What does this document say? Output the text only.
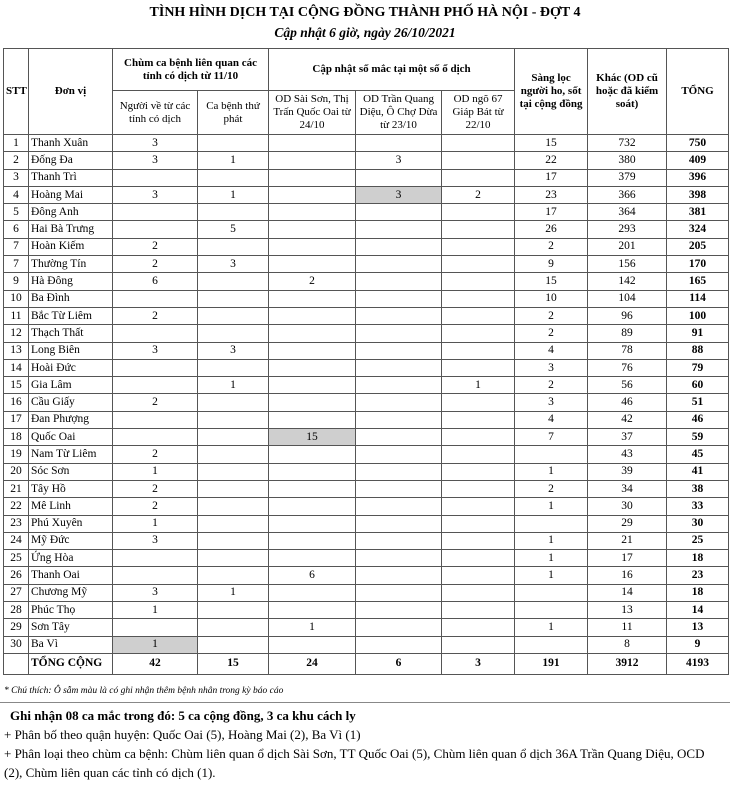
TÌNH HÌNH DỊCH TẠI CỘNG ĐỒNG THÀNH PHỐ HÀ NỘI - ĐỢT 4
Cập nhật 6 giờ, ngày 26/10/2021
STT	Đơn vị	Chùm ca bệnh liên quan các tỉnh có dịch từ 11/10		Cập nhật số mắc tại một số ổ dịch			Sàng lọc người ho, sốt tại cộng đồng	Khác (OD cũ hoặc đã kiểm soát)	TỔNG
		Người về từ các tỉnh có dịch	Ca bệnh thứ phát	OD Sài Sơn, Thị Trấn Quốc Oai từ 24/10	OD Trần Quang Diệu, Ô Chợ Dừa từ 23/10	OD ngõ 67 Giáp Bát từ 22/10			
1	Thanh Xuân	3					15	732	750
2	Đống Đa	3	1		3		22	380	409
3	Thanh Trì						17	379	396
4	Hoàng Mai	3	1		3	2	23	366	398
5	Đông Anh						17	364	381
6	Hai Bà Trưng		5				26	293	324
7	Hoàn Kiếm	2					2	201	205
7	Thường Tín	2	3				9	156	170
9	Hà Đông	6		2			15	142	165
10	Ba Đình						10	104	114
11	Bắc Từ Liêm	2					2	96	100
12	Thạch Thất						2	89	91
13	Long Biên	3	3				4	78	88
14	Hoài Đức						3	76	79
15	Gia Lâm		1			1	2	56	60
16	Cầu Giấy	2					3	46	51
17	Đan Phượng						4	42	46
18	Quốc Oai			15			7	37	59
19	Nam Từ Liêm	2						43	45
20	Sóc Sơn	1					1	39	41
21	Tây Hồ	2					2	34	38
22	Mê Linh	2					1	30	33
23	Phú Xuyên	1						29	30
24	Mỹ Đức	3					1	21	25
25	Ứng Hòa						1	17	18
26	Thanh Oai			6			1	16	23
27	Chương Mỹ	3	1					14	18
28	Phúc Thọ	1						13	14
29	Sơn Tây			1			1	11	13
30	Ba Vì	1						8	9
	TỔNG CỘNG	42	15	24	6	3	191	3912	4193
* Chú thích: Ô sẫm màu là có ghi nhận thêm bệnh nhân trong kỳ báo cáo
Ghi nhận 08 ca mắc trong đó: 5 ca cộng đồng, 3 ca khu cách ly
+ Phân bố theo quận huyện: Quốc Oai (5), Hoàng Mai (2), Ba Vì (1)
+ Phân loại theo chùm ca bệnh: Chùm liên quan ổ dịch Sài Sơn, TT Quốc Oai (5), Chùm liên quan ổ dịch 36A Trần Quang Diệu, OCD (2), Chùm liên quan các tỉnh có dịch (1).
